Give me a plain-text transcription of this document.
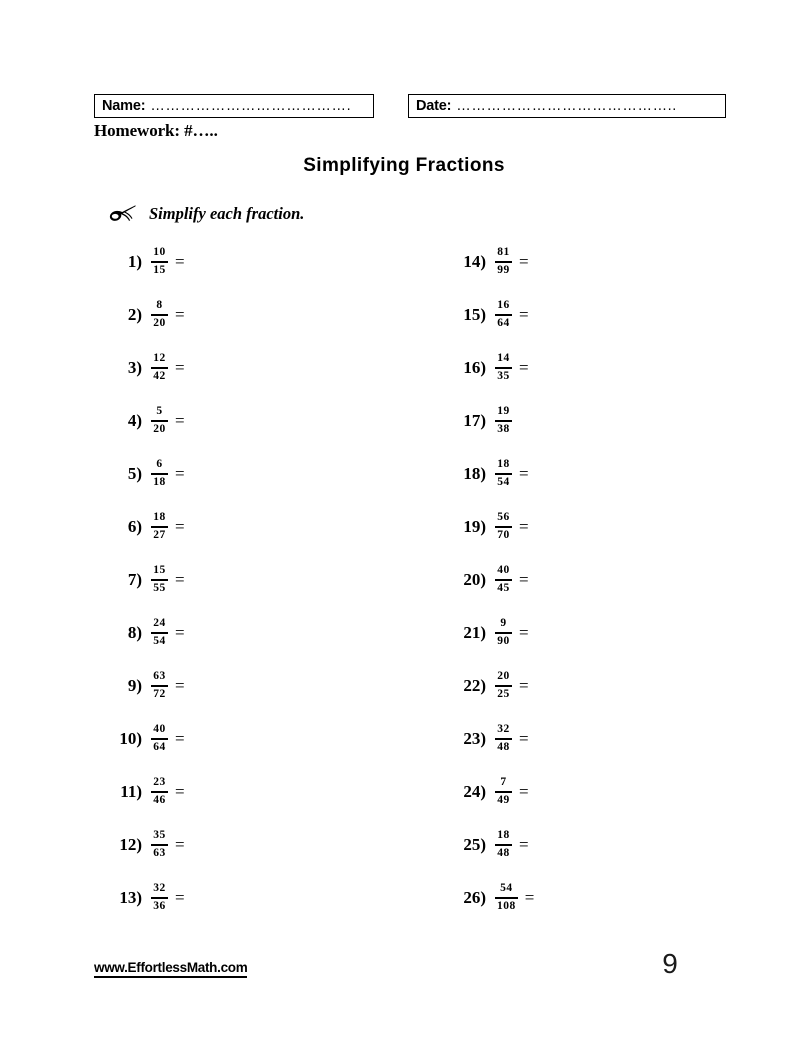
Name: ………………………………….	Date: ……………………………………..
Homework: #…..
Simplifying Fractions
Simplify each fraction.
$1) \frac{10}{15}$ =
$2) \frac{8}{20}$ =
$3) \frac{12}{42}$ =
$4) \frac{5}{20}$ =
$5) \frac{6}{18}$ =
$6) \frac{18}{27}$ =
$7) \frac{15}{55}$ =
$8) \frac{24}{54}$ =
$9) \frac{63}{72}$ =
$10) \frac{40}{64}$ =
$11) \frac{23}{46}$ =
$12) \frac{35}{63}$ =
$13) \frac{32}{36}$ =
$14) \frac{81}{99}$ =
$15) \frac{16}{64}$ =
$16) \frac{14}{35}$ =
$17) \frac{19}{38}$
$18) \frac{18}{54}$ =
$19) \frac{56}{70}$ =
$20) \frac{40}{45}$ =
$21) \frac{9}{90}$ =
$22) \frac{20}{25}$ =
$23) \frac{32}{48}$ =
$24) \frac{7}{49}$ =
$25) \frac{18}{48}$ =
$26) \frac{54}{108}$ =
www.EffortlessMath.com	9
